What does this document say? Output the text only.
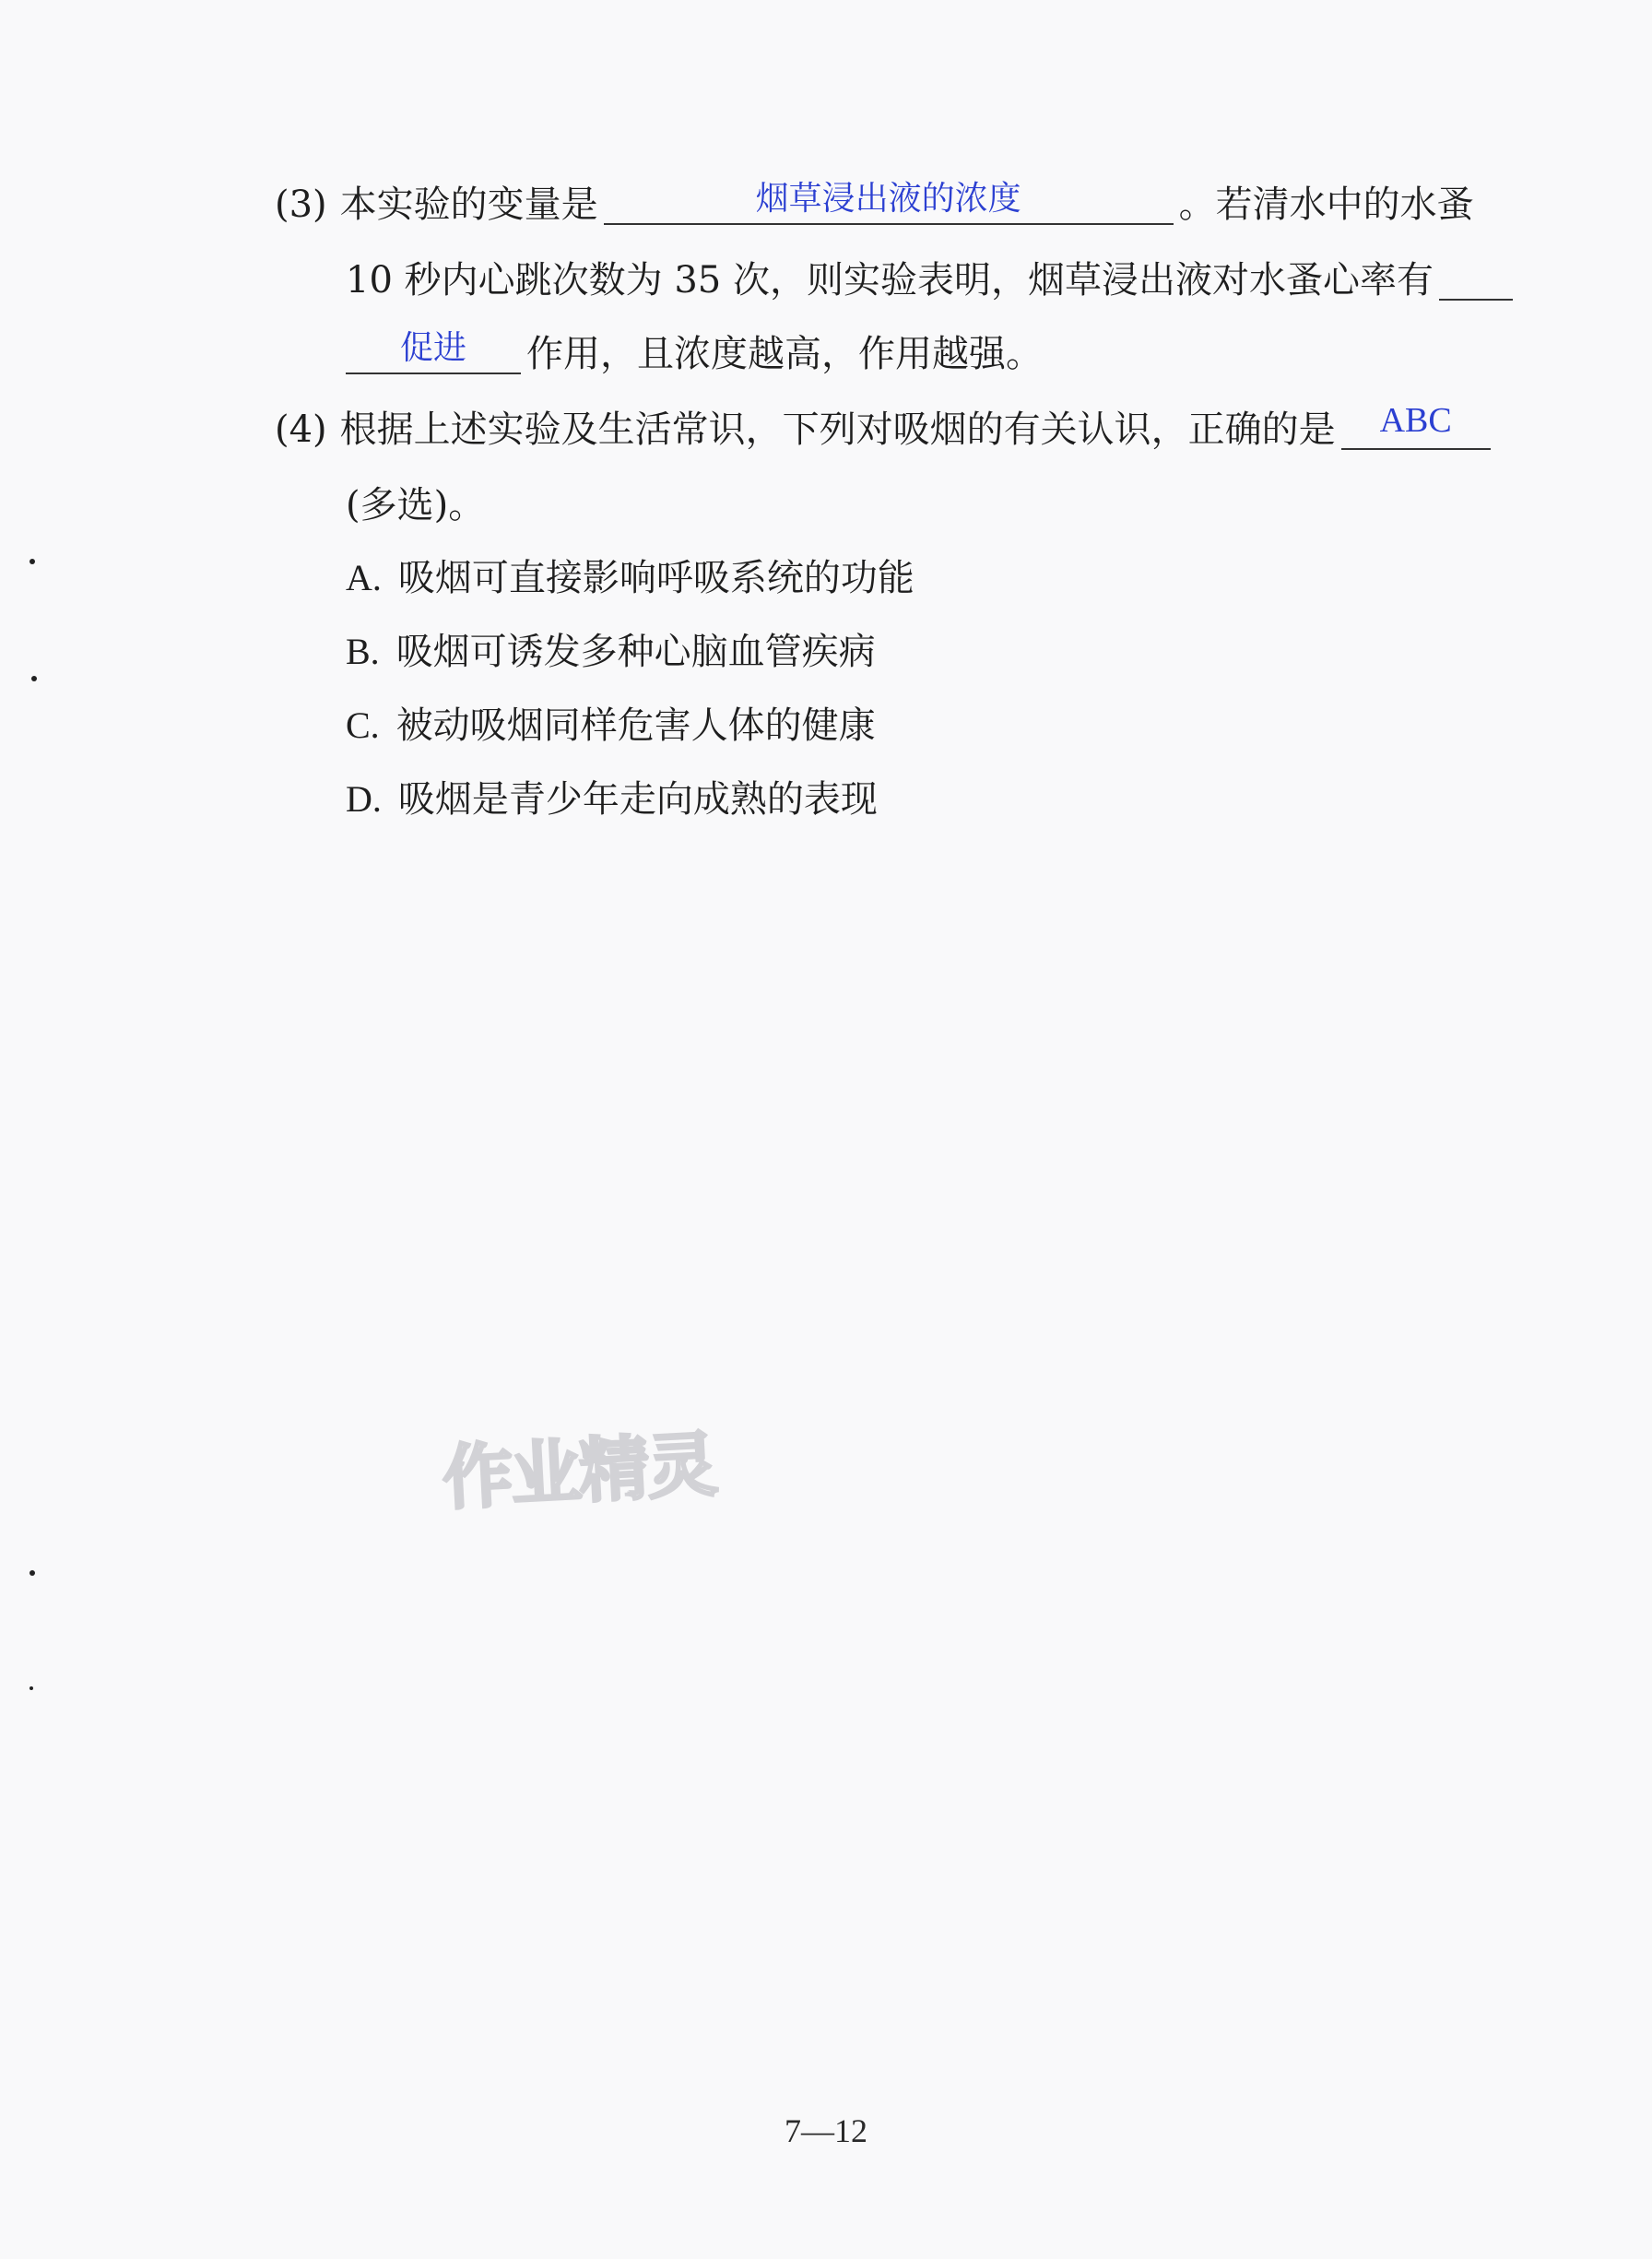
(3) 本实验的变量是	烟草浸出液的浓度	。若清水中的水蚤
10 秒内心跳次数为 35 次，则实验表明，烟草浸出液对水蚤心率有
促进	作用，且浓度越高，作用越强。
(4) 根据上述实验及生活常识，下列对吸烟的有关认识，正确的是	ABC
(多选)。
A. 吸烟可直接影响呼吸系统的功能
B. 吸烟可诱发多种心脑血管疾病
C. 被动吸烟同样危害人体的健康
D. 吸烟是青少年走向成熟的表现
作业精灵
7—12
